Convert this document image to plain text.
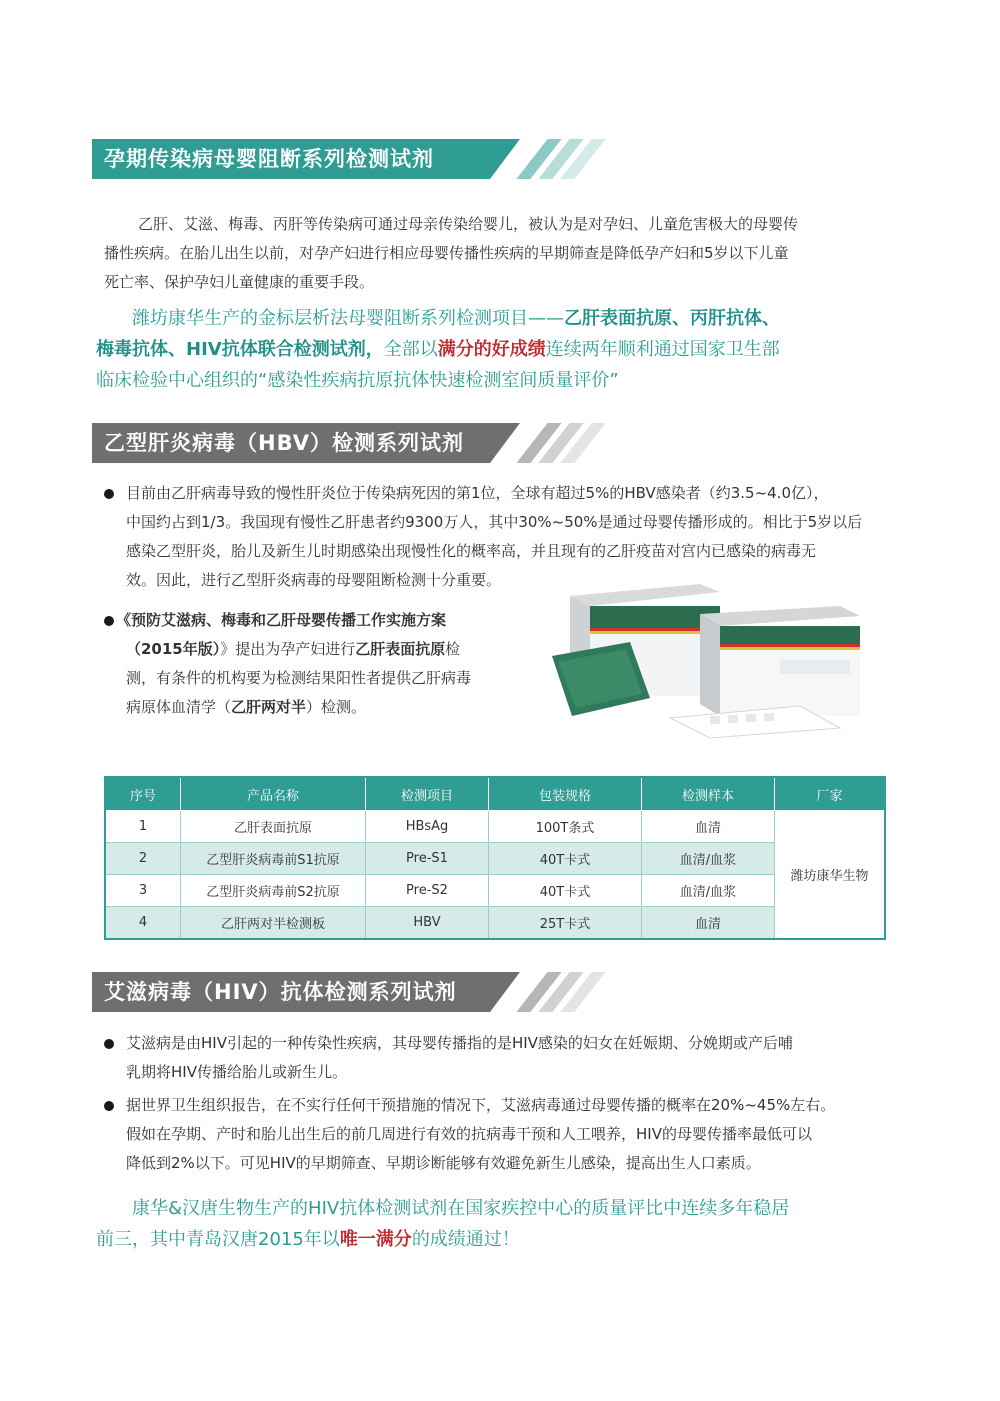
孕期传染病母婴阻断系列检测试剂
乙肝、艾滋、梅毒、丙肝等传染病可通过母亲传染给婴儿，被认为是对孕妇、儿童危害极大的母婴传
播性疾病。在胎儿出生以前，对孕产妇进行相应母婴传播性疾病的早期筛查是降低孕产妇和5岁以下儿童
死亡率、保护孕妇儿童健康的重要手段。
潍坊康华生产的金标层析法母婴阻断系列检测项目——乙肝表面抗原、丙肝抗体、
梅毒抗体、HIV抗体联合检测试剂，全部以满分的好成绩连续两年顺利通过国家卫生部
临床检验中心组织的“感染性疾病抗原抗体快速检测室间质量评价”
乙型肝炎病毒（HBV）检测系列试剂
目前由乙肝病毒导致的慢性肝炎位于传染病死因的第1位，全球有超过5%的HBV感染者（约3.5~4.0亿），
中国约占到1/3。我国现有慢性乙肝患者约9300万人，其中30%~50%是通过母婴传播形成的。相比于5岁以后
感染乙型肝炎，胎儿及新生儿时期感染出现慢性化的概率高，并且现有的乙肝疫苗对宫内已感染的病毒无
效。因此，进行乙型肝炎病毒的母婴阻断检测十分重要。
《预防艾滋病、梅毒和乙肝母婴传播工作实施方案
（2015年版）》提出为孕产妇进行乙肝表面抗原检
测，有条件的机构要为检测结果阳性者提供乙肝病毒
病原体血清学（乙肝两对半）检测。
序号	产品名称	检测项目	包装规格	检测样本	厂家
1	乙肝表面抗原	HBsAg	100T条式	血清	潍坊康华生物
2	乙型肝炎病毒前S1抗原	Pre-S1	40T卡式	血清/血浆	
3	乙型肝炎病毒前S2抗原	Pre-S2	40T卡式	血清/血浆	
4	乙肝两对半检测板	HBV	25T卡式	血清	
艾滋病毒（HIV）抗体检测系列试剂
艾滋病是由HIV引起的一种传染性疾病，其母婴传播指的是HIV感染的妇女在妊娠期、分娩期或产后哺
乳期将HIV传播给胎儿或新生儿。
据世界卫生组织报告，在不实行任何干预措施的情况下，艾滋病毒通过母婴传播的概率在20%~45%左右。
假如在孕期、产时和胎儿出生后的前几周进行有效的抗病毒干预和人工喂养，HIV的母婴传播率最低可以
降低到2%以下。可见HIV的早期筛查、早期诊断能够有效避免新生儿感染，提高出生人口素质。
康华&汉唐生物生产的HIV抗体检测试剂在国家疾控中心的质量评比中连续多年稳居
前三，其中青岛汉唐2015年以唯一满分的成绩通过！
